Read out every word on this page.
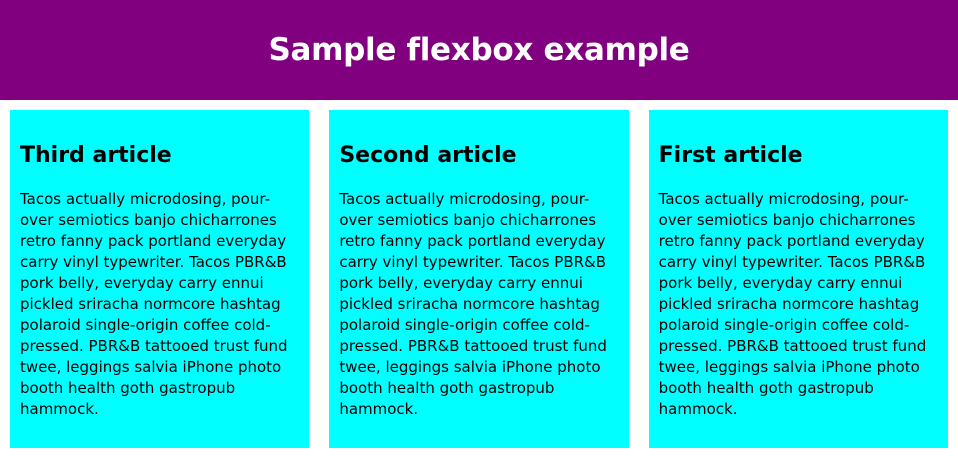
Sample flexbox example
Third article

Tacos actually microdosing, pour-over semiotics banjo chicharrones retro fanny pack portland everyday carry vinyl typewriter. Tacos PBR&B pork belly, everyday carry ennui pickled sriracha normcore hashtag polaroid single-origin coffee cold-pressed. PBR&B tattooed trust fund twee, leggings salvia iPhone photo booth health goth gastropub hammock.

Second article

Tacos actually microdosing, pour-over semiotics banjo chicharrones retro fanny pack portland everyday carry vinyl typewriter. Tacos PBR&B pork belly, everyday carry ennui pickled sriracha normcore hashtag polaroid single-origin coffee cold-pressed. PBR&B tattooed trust fund twee, leggings salvia iPhone photo booth health goth gastropub hammock.

First article

Tacos actually microdosing, pour-over semiotics banjo chicharrones retro fanny pack portland everyday carry vinyl typewriter. Tacos PBR&B pork belly, everyday carry ennui pickled sriracha normcore hashtag polaroid single-origin coffee cold-pressed. PBR&B tattooed trust fund twee, leggings salvia iPhone photo booth health goth gastropub hammock.
